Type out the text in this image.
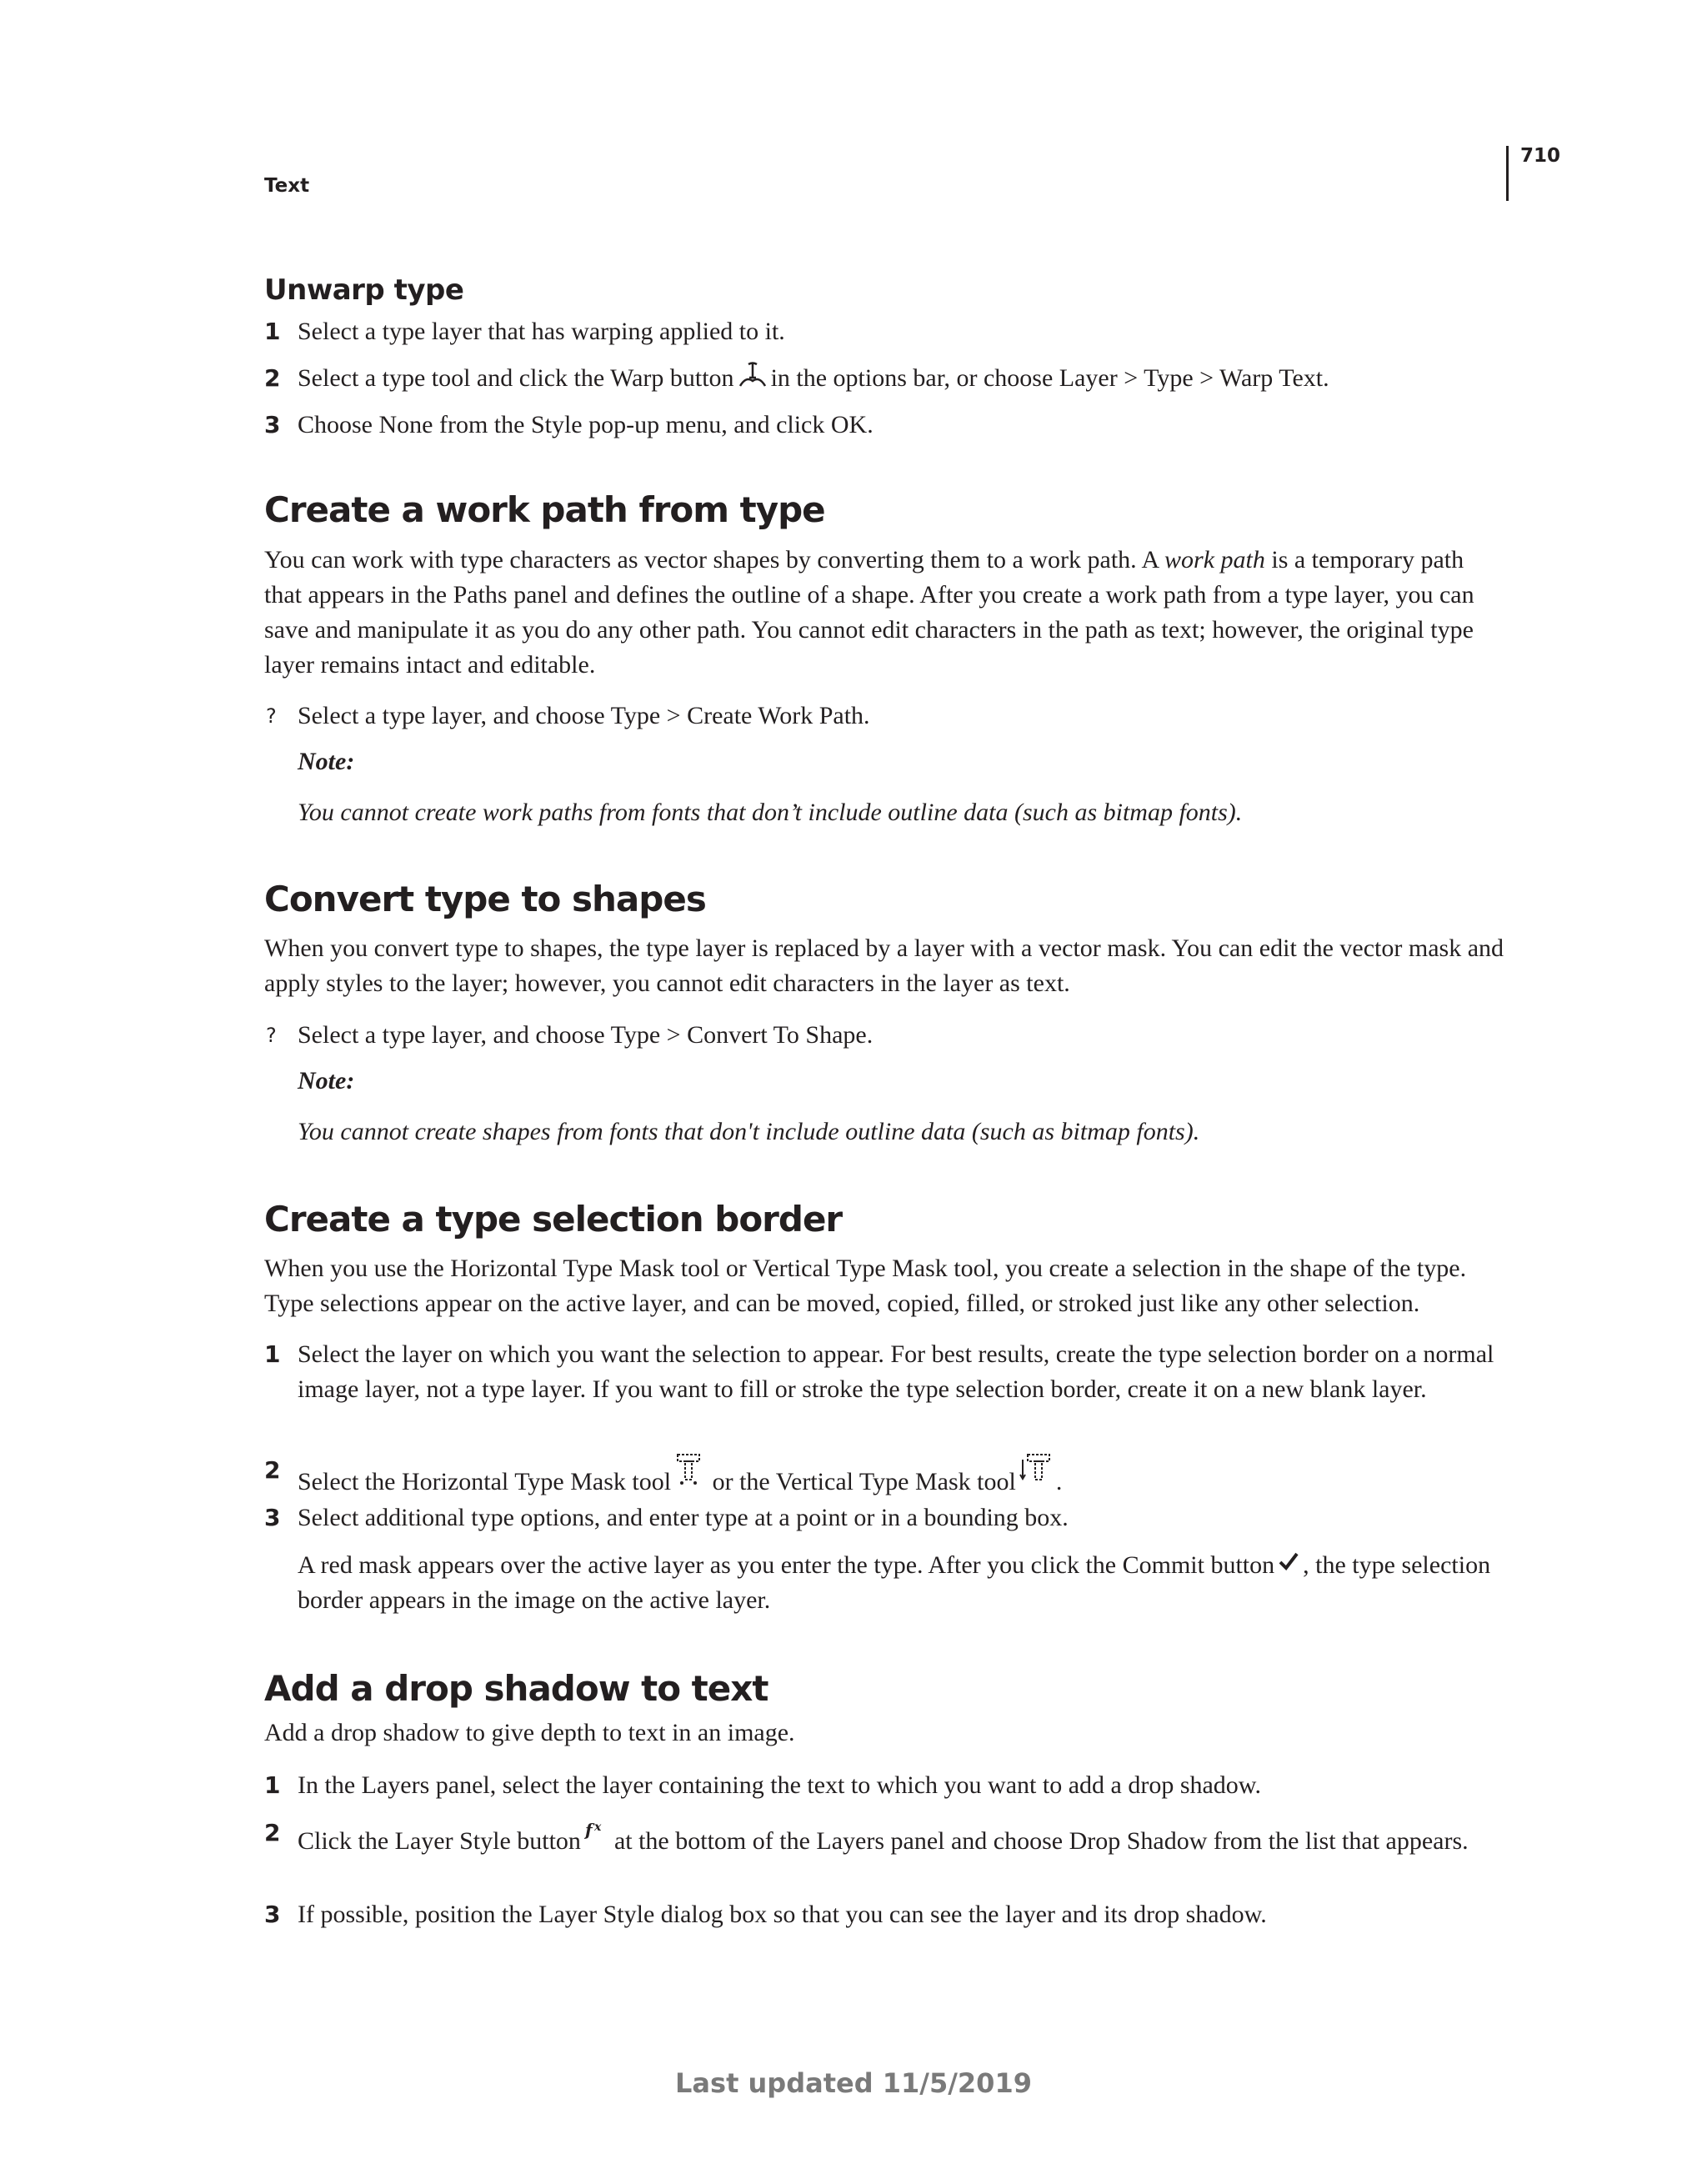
Text
710
Unwarp type
1 Select a type layer that has warping applied to it.
2 Select a type tool and click the Warp button in the options bar, or choose Layer > Type > Warp Text.
3 Choose None from the Style pop-up menu, and click OK.
Create a work path from type
You can work with type characters as vector shapes by converting them to a work path. A work path is a temporary path that appears in the Paths panel and defines the outline of a shape. After you create a work path from a type layer, you can save and manipulate it as you do any other path. You cannot edit characters in the path as text; however, the original type layer remains intact and editable.
? Select a type layer, and choose Type > Create Work Path.
Note:
You cannot create work paths from fonts that don’t include outline data (such as bitmap fonts).
Convert type to shapes
When you convert type to shapes, the type layer is replaced by a layer with a vector mask. You can edit the vector mask and apply styles to the layer; however, you cannot edit characters in the layer as text.
? Select a type layer, and choose Type > Convert To Shape.
Note:
You cannot create shapes from fonts that don't include outline data (such as bitmap fonts).
Create a type selection border
When you use the Horizontal Type Mask tool or Vertical Type Mask tool, you create a selection in the shape of the type. Type selections appear on the active layer, and can be moved, copied, filled, or stroked just like any other selection.
1 Select the layer on which you want the selection to appear. For best results, create the type selection border on a normal image layer, not a type layer. If you want to fill or stroke the type selection border, create it on a new blank layer.
2 Select the Horizontal Type Mask tool or the Vertical Type Mask tool .
3 Select additional type options, and enter type at a point or in a bounding box.
A red mask appears over the active layer as you enter the type. After you click the Commit button , the type selection border appears in the image on the active layer.
Add a drop shadow to text
Add a drop shadow to give depth to text in an image.
1 In the Layers panel, select the layer containing the text to which you want to add a drop shadow.
2 Click the Layer Style button f x at the bottom of the Layers panel and choose Drop Shadow from the list that appears.
3 If possible, position the Layer Style dialog box so that you can see the layer and its drop shadow.
Last updated 11/5/2019
